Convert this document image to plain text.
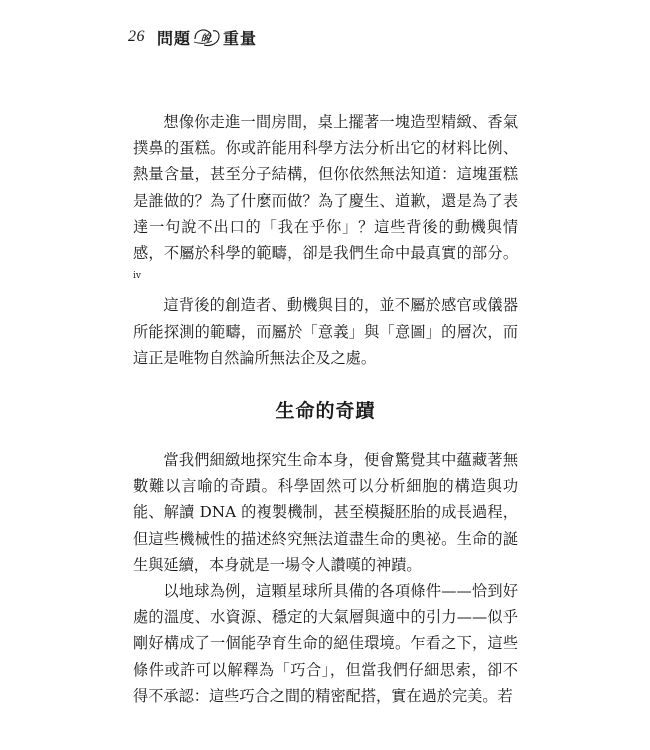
26 問題 的 重量

想像你走進一間房間，桌上擺著一塊造型精緻、香氣撲鼻的蛋糕。你或許能用科學方法分析出它的材料比例、熱量含量，甚至分子結構，但你依然無法知道：這塊蛋糕是誰做的？為了什麼而做？為了慶生、道歉，還是為了表達一句說不出口的「我在乎你」？這些背後的動機與情感，不屬於科學的範疇，卻是我們生命中最真實的部分。$^{iv}$

這背後的創造者、動機與目的，並不屬於感官或儀器所能探測的範疇，而屬於「意義」與「意圖」的層次，而這正是唯物自然論所無法企及之處。

生命的奇蹟

當我們細緻地探究生命本身，便會驚覺其中蘊藏著無數難以言喻的奇蹟。科學固然可以分析細胞的構造與功能、解讀 DNA 的複製機制，甚至模擬胚胎的成長過程，但這些機械性的描述終究無法道盡生命的奧祕。生命的誕生與延續，本身就是一場令人讚嘆的神蹟。

以地球為例，這顆星球所具備的各項條件——恰到好處的溫度、水資源、穩定的大氣層與適中的引力——似乎剛好構成了一個能孕育生命的絕佳環境。乍看之下，這些條件或許可以解釋為「巧合」，但當我們仔細思索，卻不得不承認：這些巧合之間的精密配搭，實在過於完美。若
